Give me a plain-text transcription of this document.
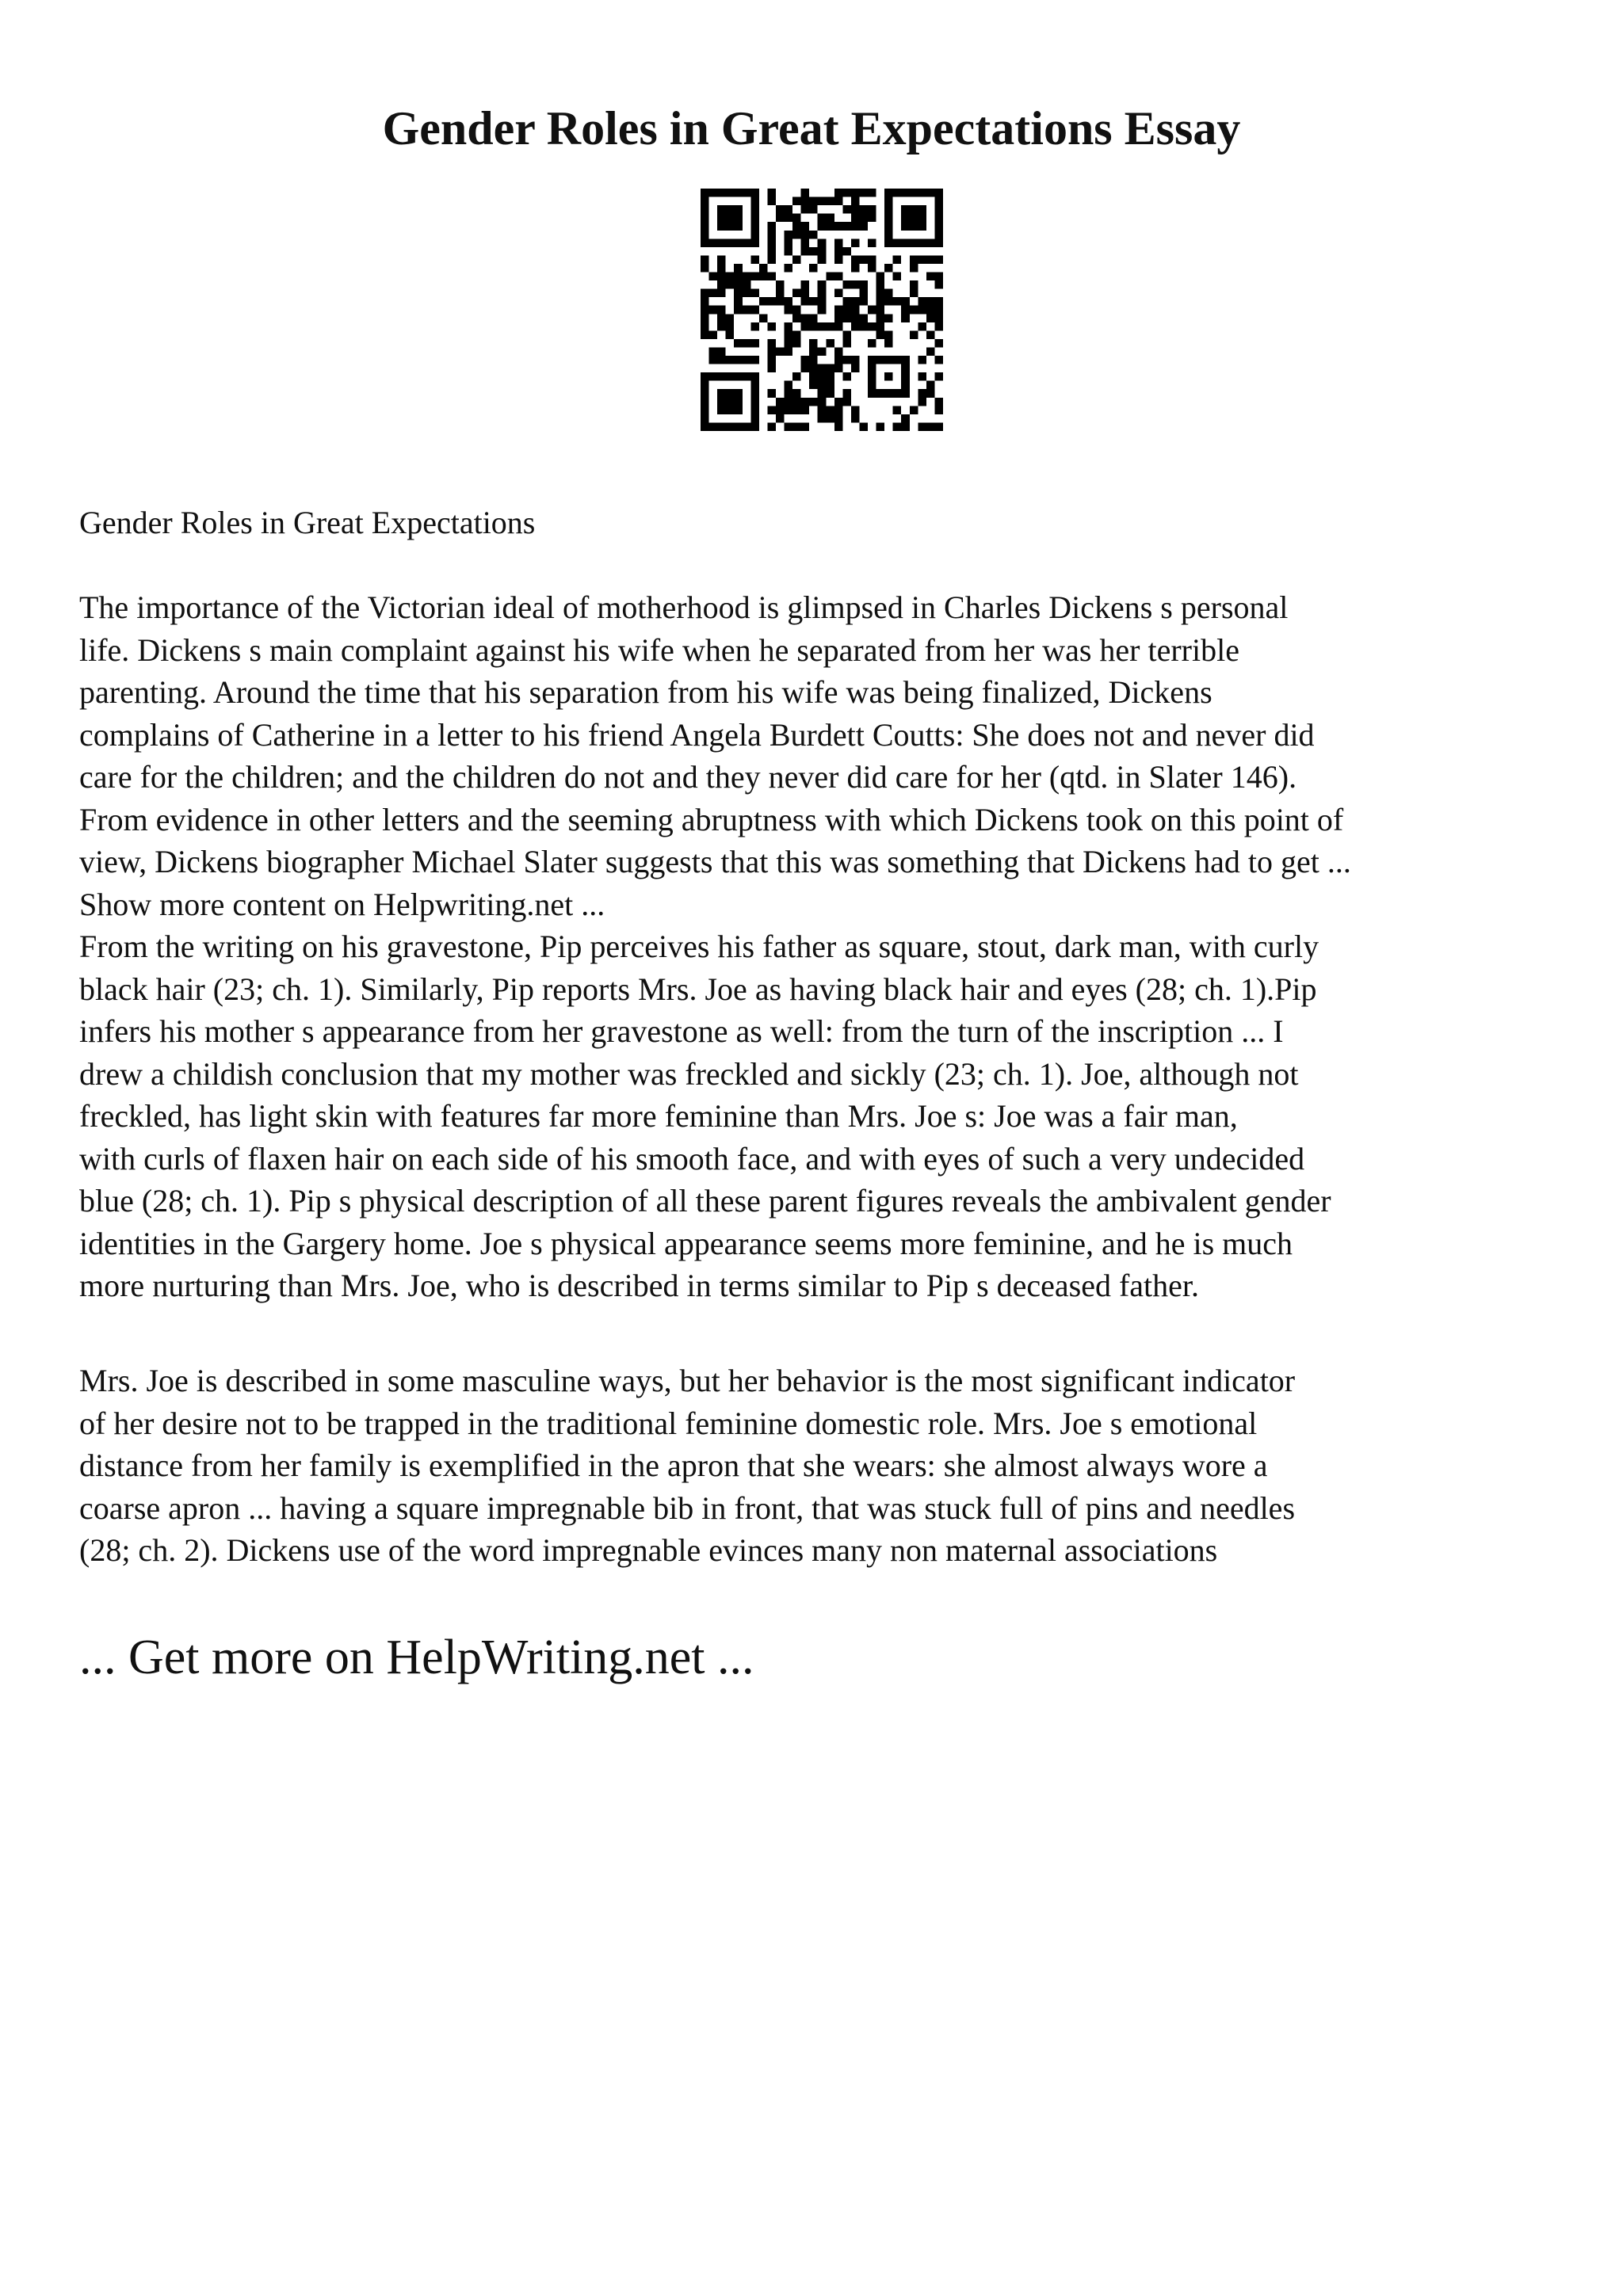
Gender Roles in Great Expectations Essay

Gender Roles in Great Expectations

The importance of the Victorian ideal of motherhood is glimpsed in Charles Dickens s personal
life. Dickens s main complaint against his wife when he separated from her was her terrible
parenting. Around the time that his separation from his wife was being finalized, Dickens
complains of Catherine in a letter to his friend Angela Burdett Coutts: She does not and never did
care for the children; and the children do not and they never did care for her (qtd. in Slater 146).
From evidence in other letters and the seeming abruptness with which Dickens took on this point of
view, Dickens biographer Michael Slater suggests that this was something that Dickens had to get ...
Show more content on Helpwriting.net ...
From the writing on his gravestone, Pip perceives his father as square, stout, dark man, with curly
black hair (23; ch. 1). Similarly, Pip reports Mrs. Joe as having black hair and eyes (28; ch. 1).Pip
infers his mother s appearance from her gravestone as well: from the turn of the inscription ... I
drew a childish conclusion that my mother was freckled and sickly (23; ch. 1). Joe, although not
freckled, has light skin with features far more feminine than Mrs. Joe s: Joe was a fair man,
with curls of flaxen hair on each side of his smooth face, and with eyes of such a very undecided
blue (28; ch. 1). Pip s physical description of all these parent figures reveals the ambivalent gender
identities in the Gargery home. Joe s physical appearance seems more feminine, and he is much
more nurturing than Mrs. Joe, who is described in terms similar to Pip s deceased father.
Mrs. Joe is described in some masculine ways, but her behavior is the most significant indicator
of her desire not to be trapped in the traditional feminine domestic role. Mrs. Joe s emotional
distance from her family is exemplified in the apron that she wears: she almost always wore a
coarse apron ... having a square impregnable bib in front, that was stuck full of pins and needles
(28; ch. 2). Dickens use of the word impregnable evinces many non maternal associations

... Get more on HelpWriting.net ...
